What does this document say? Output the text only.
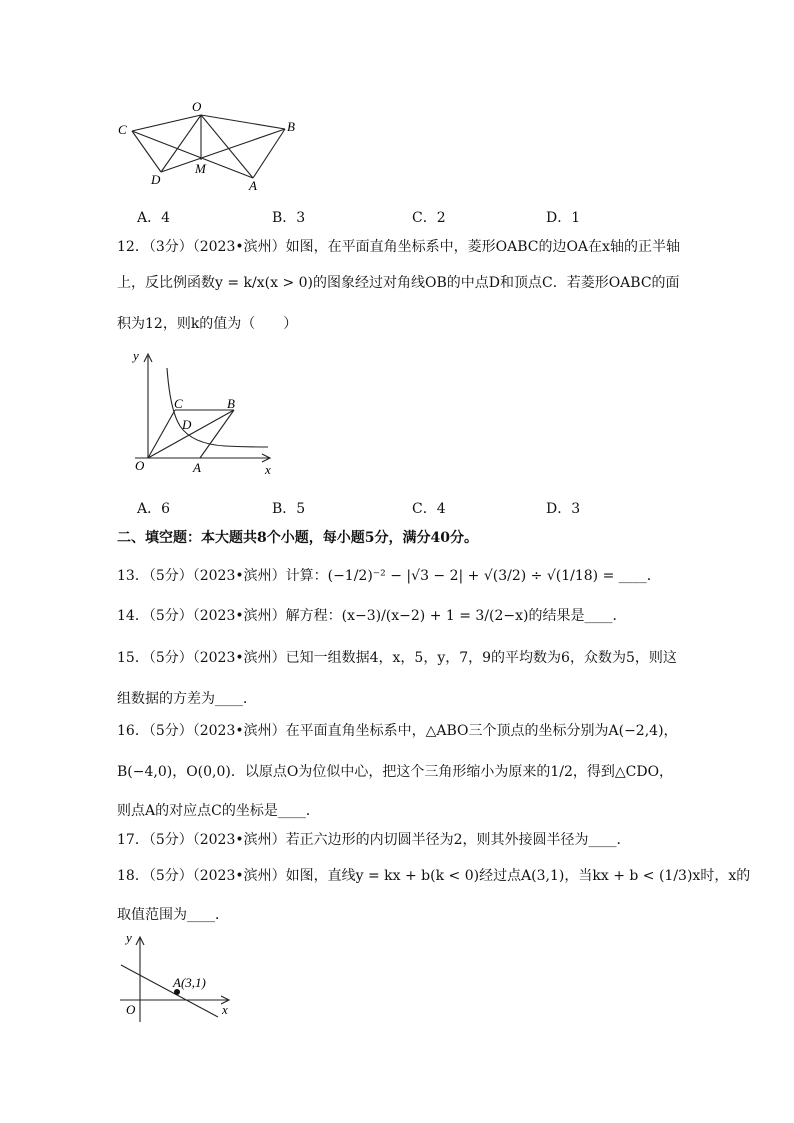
O
B
C
D
M
A
A．4	B．3	C．2	D．1
12．（3分）（2023•滨州）如图，在平面直角坐标系中，菱形OABC的边OA在x轴的正半轴
上，反比例函数y = k/x(x > 0)的图象经过对角线OB的中点D和顶点C．若菱形OABC的面
积为12，则k的值为（　　）
y
x
O	A
B
C
D
A．6	B．5	C．4	D．3
二、填空题：本大题共8个小题，每小题5分，满分40分。
13．（5分）（2023•滨州）计算：(−1/2)⁻² − |√3 − 2| + √(3/2) ÷ √(1/18) = ____．
14．（5分）（2023•滨州）解方程：(x−3)/(x−2) + 1 = 3/(2−x)的结果是____．
15．（5分）（2023•滨州）已知一组数据4，x，5，y，7，9的平均数为6，众数为5，则这
组数据的方差为____．
16．（5分）（2023•滨州）在平面直角坐标系中，△ABO三个顶点的坐标分别为A(−2,4)，
B(−4,0)，O(0,0)．以原点O为位似中心，把这个三角形缩小为原来的1/2，得到△CDO，
则点A的对应点C的坐标是____．
17．（5分）（2023•滨州）若正六边形的内切圆半径为2，则其外接圆半径为____．
18．（5分）（2023•滨州）如图，直线y = kx + b(k < 0)经过点A(3,1)，当kx + b < (1/3)x时，x的
取值范围为____．
y
x
O
A(3,1)
